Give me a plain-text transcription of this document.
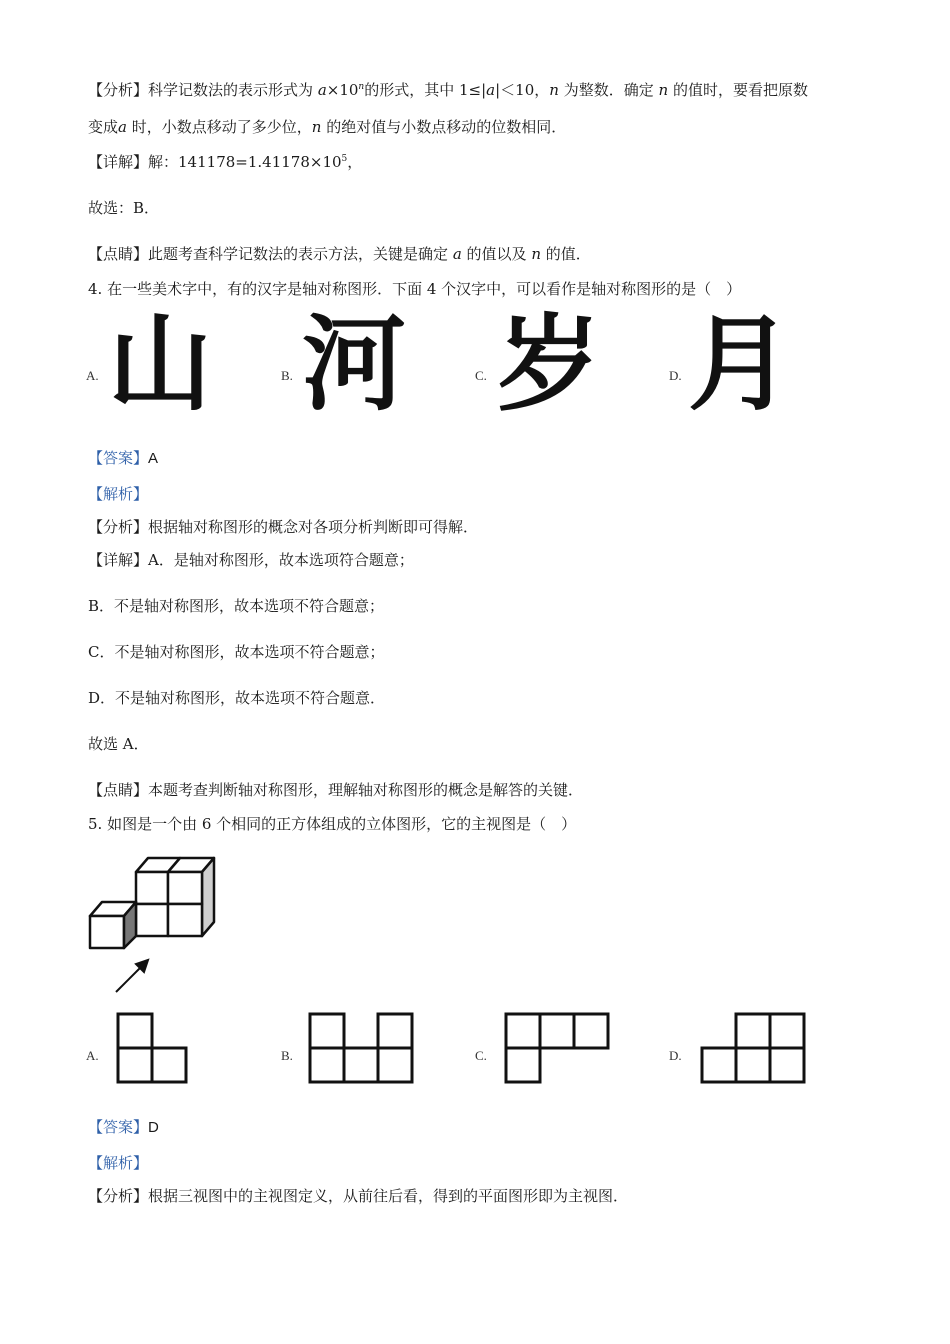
【分析】科学记数法的表示形式为 $a\times 10^n$的形式，其中 1≤|a|＜10，n 为整数．确定 n 的值时，要看把原数
变成a 时，小数点移动了多少位，n 的绝对值与小数点移动的位数相同．
【详解】解：$141178=1.41178\times 10^5$，
故选：B．
【点睛】此题考查科学记数法的表示方法，关键是确定 a 的值以及 n 的值．
4. 在一些美术字中，有的汉字是轴对称图形．下面 4 个汉字中，可以看作是轴对称图形的是（　）
A. 山	B. 河	C. 岁	D. 月
【答案】A
【解析】
【分析】根据轴对称图形的概念对各项分析判断即可得解．
【详解】A．是轴对称图形，故本选项符合题意；
B．不是轴对称图形，故本选项不符合题意；
C．不是轴对称图形，故本选项不符合题意；
D．不是轴对称图形，故本选项不符合题意．
故选 A．
【点睛】本题考查判断轴对称图形，理解轴对称图形的概念是解答的关键．
5. 如图是一个由 6 个相同的正方体组成的立体图形，它的主视图是（　）
A.	B.	C.	D.
【答案】D
【解析】
【分析】根据三视图中的主视图定义，从前往后看，得到的平面图形即为主视图．
